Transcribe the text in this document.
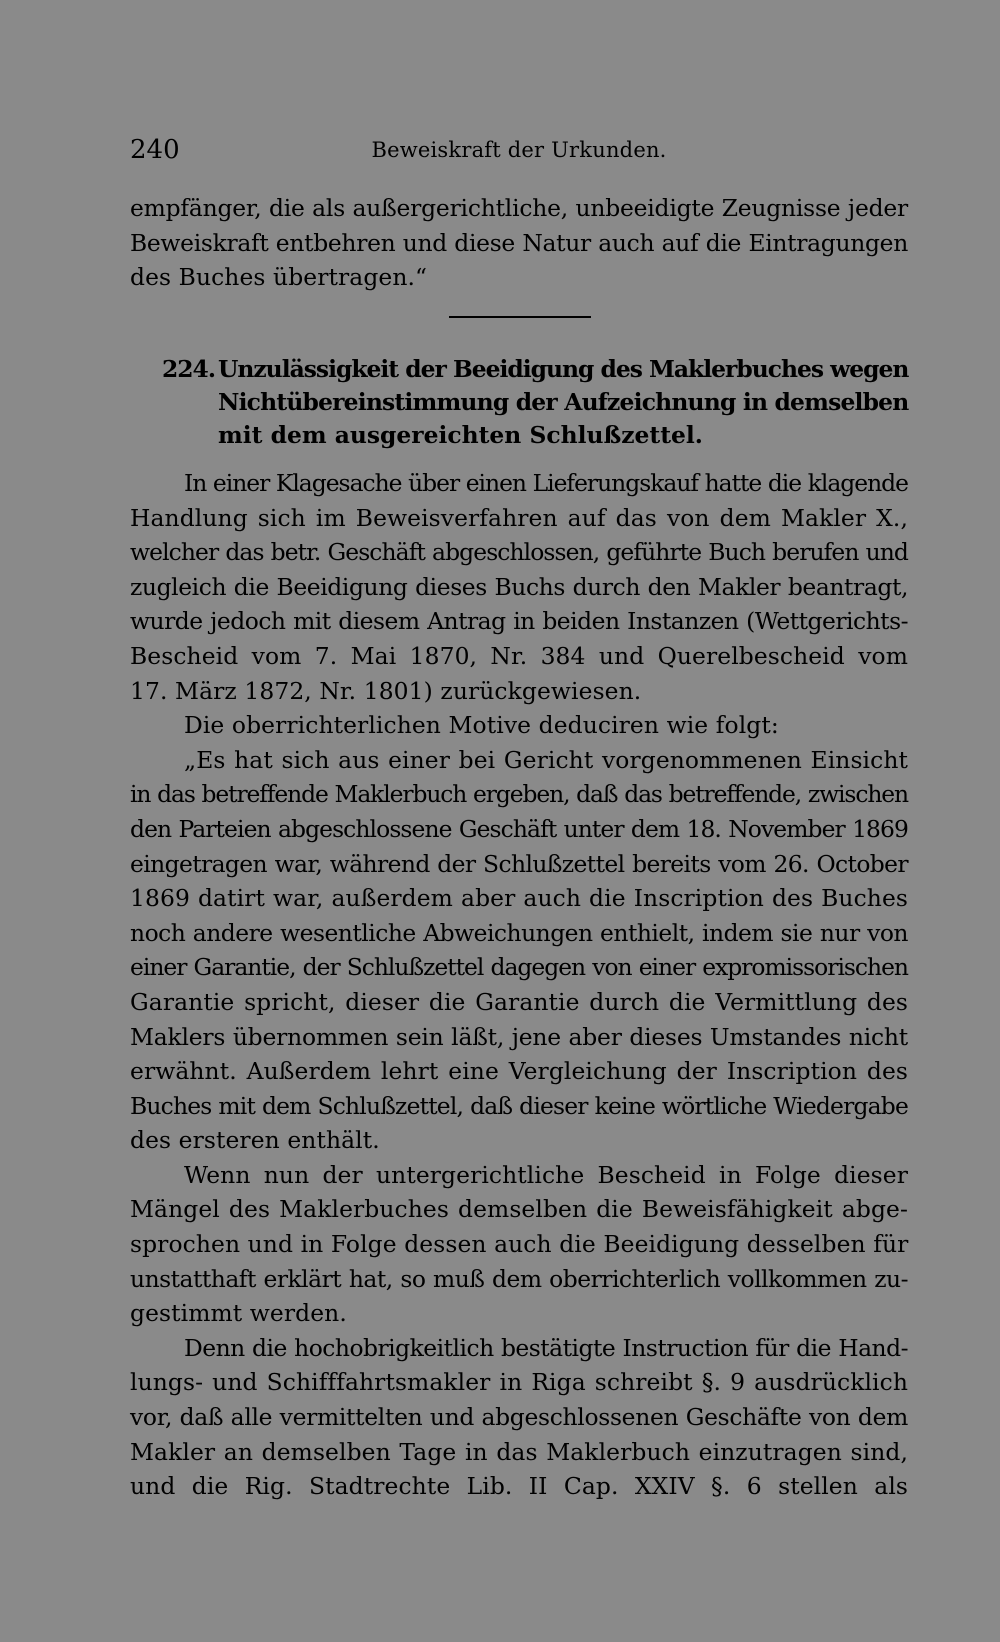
240	Beweiskraft der Urkunden.
empfänger, die als außergerichtliche, unbeeidigte Zeugnisse jeder
Beweiskraft entbehren und diese Natur auch auf die Eintragungen
des Buches übertragen.“
224. Unzulässigkeit der Beeidigung des Maklerbuches wegen
Nichtübereinstimmung der Aufzeichnung in demselben
mit dem ausgereichten Schlußzettel.
In einer Klagesache über einen Lieferungskauf hatte die klagende
Handlung sich im Beweisverfahren auf das von dem Makler X.,
welcher das betr. Geschäft abgeschlossen, geführte Buch berufen und
zugleich die Beeidigung dieses Buchs durch den Makler beantragt,
wurde jedoch mit diesem Antrag in beiden Instanzen (Wettgerichts-
Bescheid vom 7. Mai 1870, Nr. 384 und Querelbescheid vom
17. März 1872, Nr. 1801) zurückgewiesen.
Die oberrichterlichen Motive deduciren wie folgt:
„Es hat sich aus einer bei Gericht vorgenommenen Einsicht
in das betreffende Maklerbuch ergeben, daß das betreffende, zwischen
den Parteien abgeschlossene Geschäft unter dem 18. November 1869
eingetragen war, während der Schlußzettel bereits vom 26. October
1869 datirt war, außerdem aber auch die Inscription des Buches
noch andere wesentliche Abweichungen enthielt, indem sie nur von
einer Garantie, der Schlußzettel dagegen von einer expromissorischen
Garantie spricht, dieser die Garantie durch die Vermittlung des
Maklers übernommen sein läßt, jene aber dieses Umstandes nicht
erwähnt. Außerdem lehrt eine Vergleichung der Inscription des
Buches mit dem Schlußzettel, daß dieser keine wörtliche Wiedergabe
des ersteren enthält.
Wenn nun der untergerichtliche Bescheid in Folge dieser
Mängel des Maklerbuches demselben die Beweisfähigkeit abge-
sprochen und in Folge dessen auch die Beeidigung desselben für
unstatthaft erklärt hat, so muß dem oberrichterlich vollkommen zu-
gestimmt werden.
Denn die hochobrigkeitlich bestätigte Instruction für die Hand-
lungs- und Schifffahrtsmakler in Riga schreibt §. 9 ausdrücklich
vor, daß alle vermittelten und abgeschlossenen Geschäfte von dem
Makler an demselben Tage in das Maklerbuch einzutragen sind,
und die Rig. Stadtrechte Lib. II Cap. XXIV §. 6 stellen als
